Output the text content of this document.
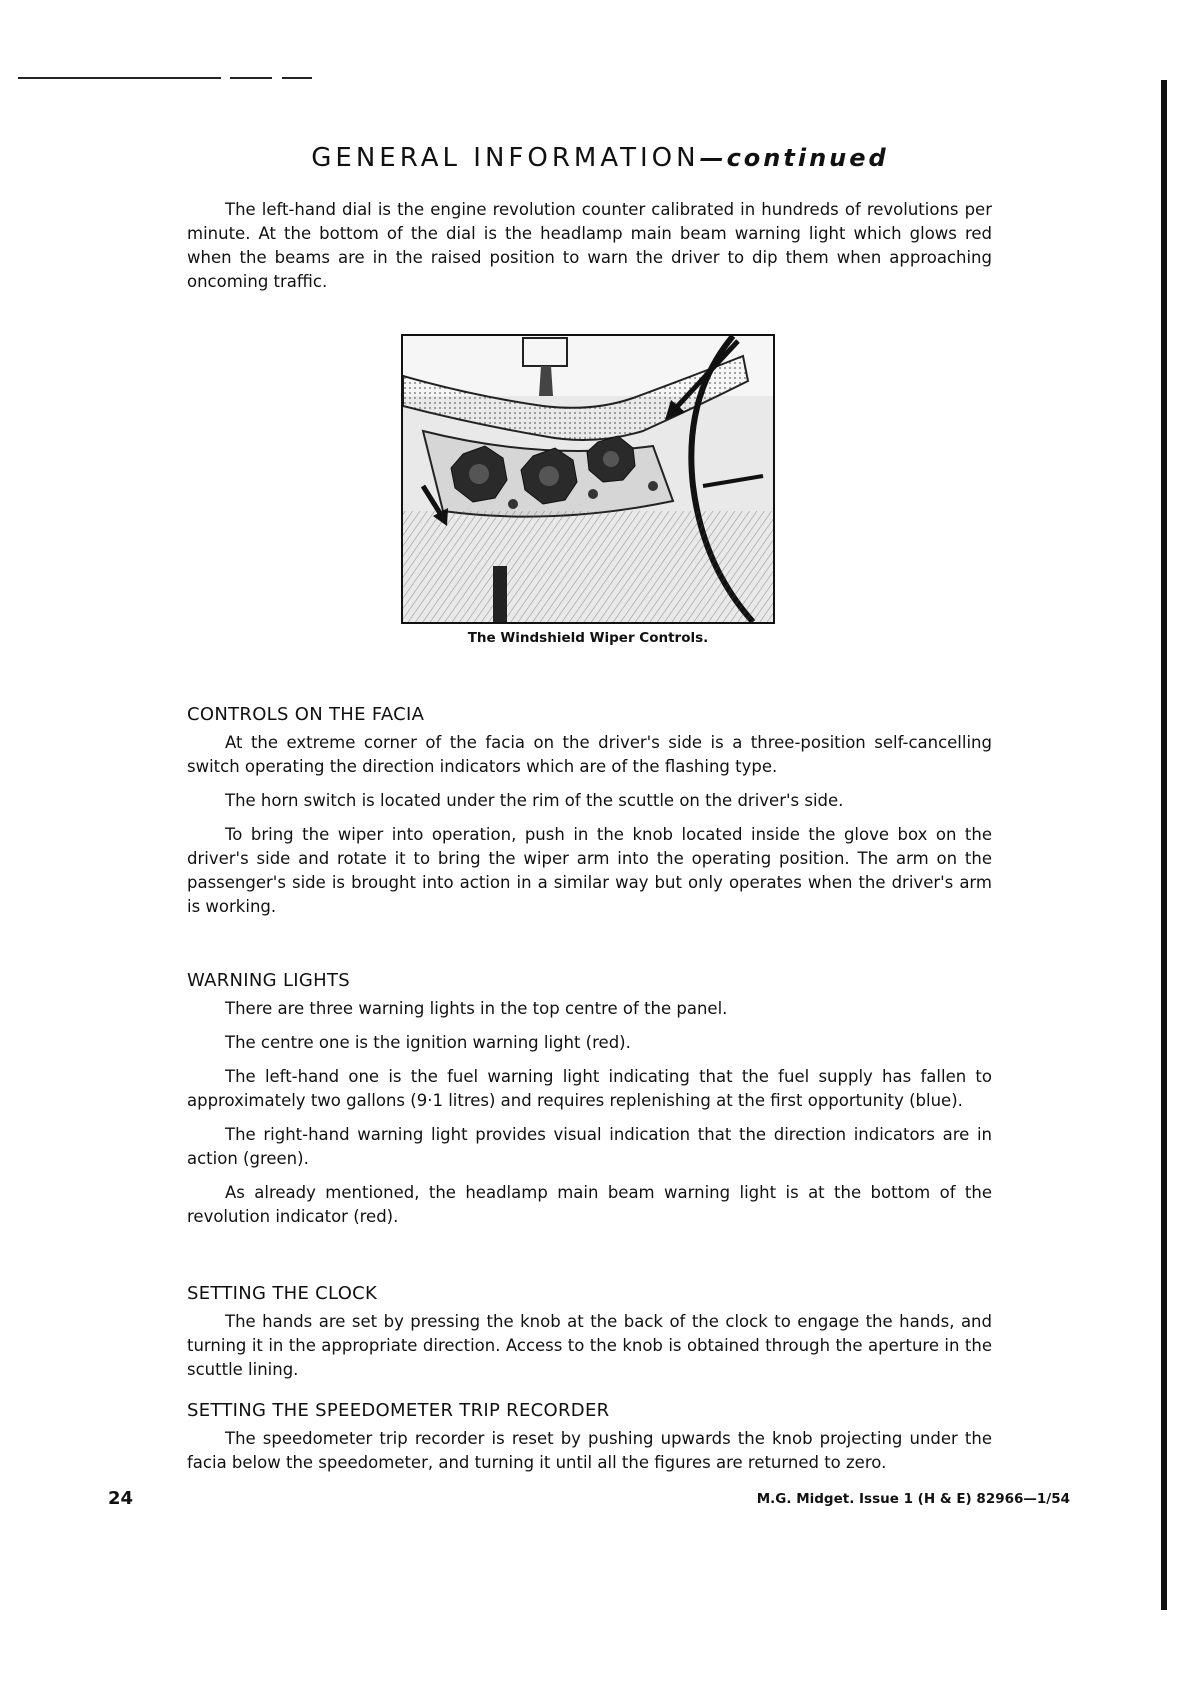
GENERAL INFORMATION—continued

The left-hand dial is the engine revolution counter calibrated in hundreds of revolutions per minute. At the bottom of the dial is the headlamp main beam warning light which glows red when the beams are in the raised position to warn the driver to dip them when approaching oncoming traffic.

The Windshield Wiper Controls.
CONTROLS ON THE FACIA

At the extreme corner of the facia on the driver's side is a three-position self-cancelling switch operating the direction indicators which are of the flashing type.

The horn switch is located under the rim of the scuttle on the driver's side.

To bring the wiper into operation, push in the knob located inside the glove box on the driver's side and rotate it to bring the wiper arm into the operating position. The arm on the passenger's side is brought into action in a similar way but only operates when the driver's arm is working.

WARNING LIGHTS

There are three warning lights in the top centre of the panel.

The centre one is the ignition warning light (red).

The left-hand one is the fuel warning light indicating that the fuel supply has fallen to approximately two gallons (9·1 litres) and requires replenishing at the first opportunity (blue).

The right-hand warning light provides visual indication that the direction indicators are in action (green).

As already mentioned, the headlamp main beam warning light is at the bottom of the revolution indicator (red).

SETTING THE CLOCK

The hands are set by pressing the knob at the back of the clock to engage the hands, and turning it in the appropriate direction. Access to the knob is obtained through the aperture in the scuttle lining.

SETTING THE SPEEDOMETER TRIP RECORDER

The speedometer trip recorder is reset by pushing upwards the knob projecting under the facia below the speedometer, and turning it until all the figures are returned to zero.

24	M.G. Midget. Issue 1 (H & E) 82966—1/54
